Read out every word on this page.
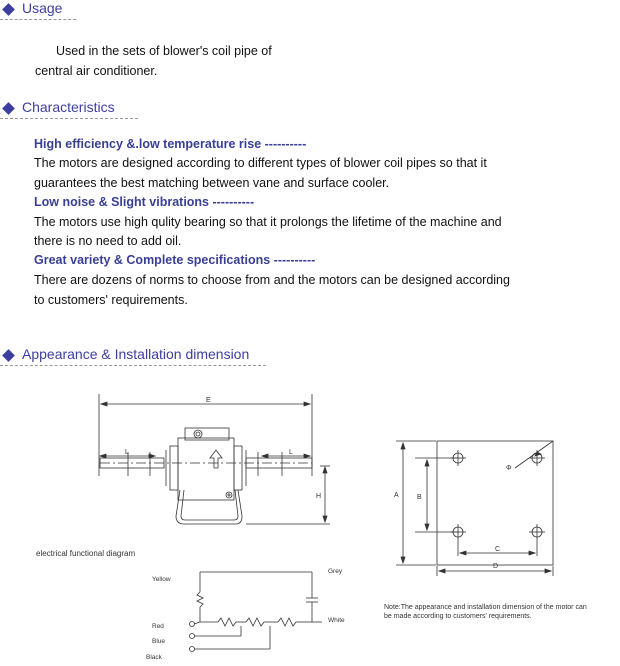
Usage
Used in the sets of blower's coil pipe of
central air conditioner.
Characteristics
High efficiency &.low temperature rise ----------
The motors are designed according to different types of blower coil pipes so that it
guarantees the best matching between vane and surface cooler.
Low noise & Slight vibrations ----------
The motors use high qulity bearing so that it prolongs the lifetime of the machine and
there is no need to add oil.
Great variety & Complete specifications ----------
There are dozens of norms to choose from and the motors can be designed according
to customers' requirements.
Appearance & Installation dimension
E
L	L
H	A	B
Φ
C
D
electrical functional diagram
Yellow
Grey
Red
Blue
Black
White
Note:The appearance and installation dimension of the motor can
be made according to customers' requirements.
